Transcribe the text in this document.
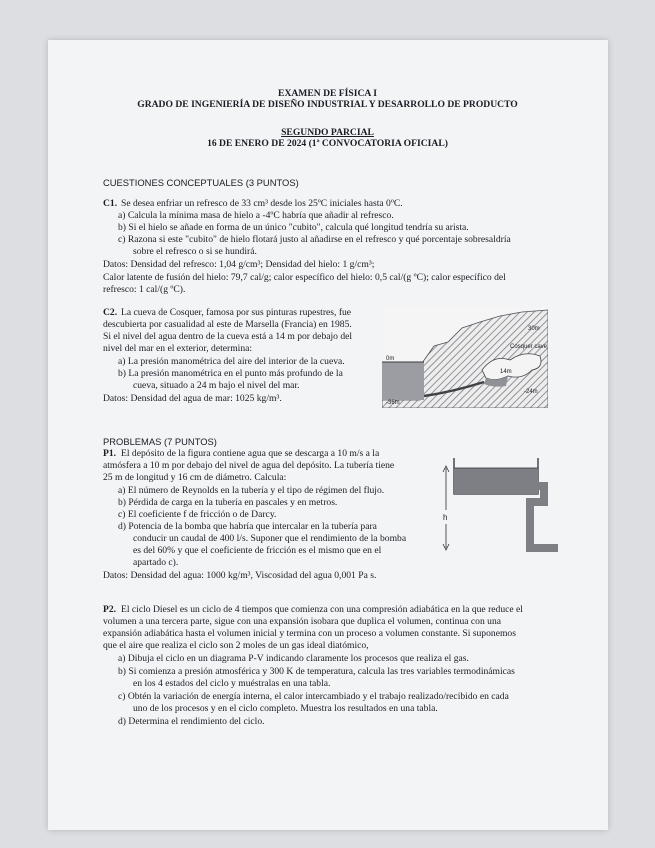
EXAMEN DE FÍSICA I
GRADO DE INGENIERÍA DE DISEÑO INDUSTRIAL Y DESARROLLO DE PRODUCTO
SEGUNDO PARCIAL
16 DE ENERO DE 2024 (1ª CONVOCATORIA OFICIAL)
CUESTIONES CONCEPTUALES (3 PUNTOS)
C1. Se desea enfriar un refresco de 33 cm³ desde los 25ºC iniciales hasta 0ºC.
a) Calcula la mínima masa de hielo a -4ºC habría que añadir al refresco.
b) Si el hielo se añade en forma de un único "cubito", calcula qué longitud tendría su arista.
c) Razona si este "cubito" de hielo flotará justo al añadirse en el refresco y qué porcentaje sobresaldría
sobre el refresco o si se hundirá.
Datos: Densidad del refresco: 1,04 g/cm³; Densidad del hielo: 1 g/cm³;
Calor latente de fusión del hielo: 79,7 cal/g; calor específico del hielo: 0,5 cal/(g ºC); calor específico del
refresco: 1 cal/(g ºC).
C2. La cueva de Cosquer, famosa por sus pinturas rupestres, fue
descubierta por casualidad al este de Marsella (Francia) en 1985.
Si el nivel del agua dentro de la cueva está a 14 m por debajo del
nivel del mar en el exterior, determina:
a) La presión manométrica del aire del interior de la cueva.
b) La presión manométrica en el punto más profundo de la
cueva, situado a 24 m bajo el nivel del mar.
Datos: Densidad del agua de mar: 1025 kg/m³.
0m
30m
Cosquer cave
14m
-24m
-36m
PROBLEMAS (7 PUNTOS)
P1. El depósito de la figura contiene agua que se descarga a 10 m/s a la
atmósfera a 10 m por debajo del nivel de agua del depósito. La tubería tiene
25 m de longitud y 16 cm de diámetro. Calcula:
a) El número de Reynolds en la tubería y el tipo de régimen del flujo.
b) Pérdida de carga en la tubería en pascales y en metros.
c) El coeficiente f de fricción o de Darcy.
d) Potencia de la bomba que habría que intercalar en la tubería para
conducir un caudal de 400 l/s. Suponer que el rendimiento de la bomba
es del 60% y que el coeficiente de fricción es el mismo que en el
apartado c).
Datos: Densidad del agua: 1000 kg/m³, Viscosidad del agua 0,001 Pa s.
h
P2. El ciclo Diesel es un ciclo de 4 tiempos que comienza con una compresión adiabática en la que reduce el
volumen a una tercera parte, sigue con una expansión isobara que duplica el volumen, continua con una
expansión adiabática hasta el volumen inicial y termina con un proceso a volumen constante. Si suponemos
que el aire que realiza el ciclo son 2 moles de un gas ideal diatómico,
a) Dibuja el ciclo en un diagrama P-V indicando claramente los procesos que realiza el gas.
b) Si comienza a presión atmosférica y 300 K de temperatura, calcula las tres variables termodinámicas
en los 4 estados del ciclo y muéstralas en una tabla.
c) Obtén la variación de energía interna, el calor intercambiado y el trabajo realizado/recibido en cada
uno de los procesos y en el ciclo completo. Muestra los resultados en una tabla.
d) Determina el rendimiento del ciclo.
